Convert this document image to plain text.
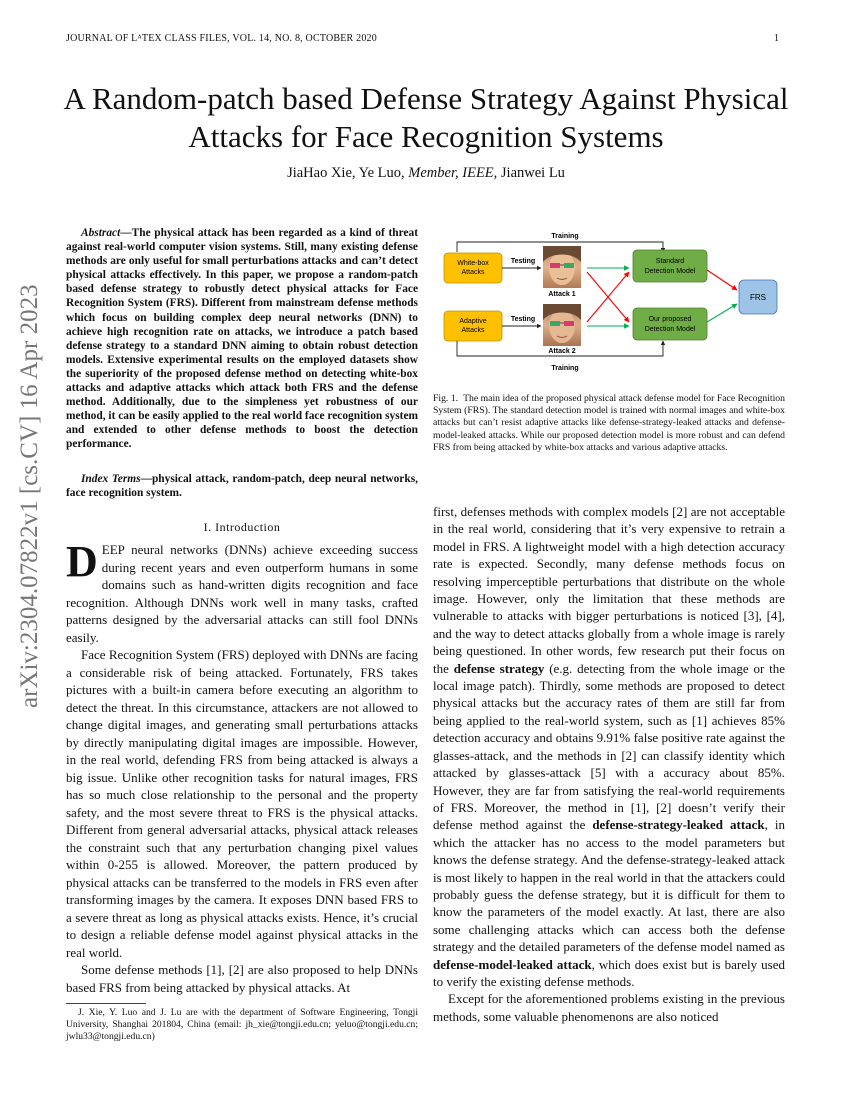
JOURNAL OF LᴬTEX CLASS FILES, VOL. 14, NO. 8, OCTOBER 2020	1
arXiv:2304.07822v1 [cs.CV] 16 Apr 2023
A Random-patch based Defense Strategy Against Physical Attacks for Face Recognition Systems
JiaHao Xie, Ye Luo, Member, IEEE, Jianwei Lu
Abstract—The physical attack has been regarded as a kind of threat against real-world computer vision systems. Still, many existing defense methods are only useful for small perturbations attacks and can’t detect physical attacks effectively. In this paper, we propose a random-patch based defense strategy to robustly detect physical attacks for Face Recognition System (FRS). Different from mainstream defense methods which focus on building complex deep neural networks (DNN) to achieve high recognition rate on attacks, we introduce a patch based defense strategy to a standard DNN aiming to obtain robust detection models. Extensive experimental results on the employed datasets show the superiority of the proposed defense method on detecting white-box attacks and adaptive attacks which attack both FRS and the defense method. Additionally, due to the simpleness yet robustness of our method, it can be easily applied to the real world face recognition system and extended to other defense methods to boost the detection performance.
Index Terms—physical attack, random-patch, deep neural networks, face recognition system.
I. Introduction

DEEP neural networks (DNNs) achieve exceeding success during recent years and even outperform humans in some domains such as hand-written digits recognition and face recognition. Although DNNs work well in many tasks, crafted patterns designed by the adversarial attacks can still fool DNNs easily.

Face Recognition System (FRS) deployed with DNNs are facing a considerable risk of being attacked. Fortunately, FRS takes pictures with a built-in camera before executing an algorithm to detect the threat. In this circumstance, attackers are not allowed to change digital images, and generating small perturbations attacks by directly manipulating digital images are impossible. However, in the real world, defending FRS from being attacked is always a big issue. Unlike other recognition tasks for natural images, FRS has so much close relationship to the personal and the property safety, and the most severe threat to FRS is the physical attacks. Different from general adversarial attacks, physical attack releases the constraint such that any perturbation changing pixel values within 0-255 is allowed. Moreover, the pattern produced by physical attacks can be transferred to the models in FRS even after transforming images by the camera. It exposes DNN based FRS to a severe threat as long as physical attacks exists. Hence, it’s crucial to design a reliable defense model against physical attacks in the real world.

Some defense methods [1], [2] are also proposed to help DNNs based FRS from being attacked by physical attacks. At

J. Xie, Y. Luo and J. Lu are with the department of Software Engineering, Tongji University, Shanghai 201804, China (email: jh_xie@tongji.edu.cn; yeluo@tongji.edu.cn; jwlu33@tongji.edu.cn)

Training
White-box
Attacks
Testing
Attack 1
Adaptive
Attacks
Testing
Attack 2
Standard
Detection Model
Our proposed
Detection Model
FRS
Training
Fig. 1. The main idea of the proposed physical attack defense model for Face Recognition System (FRS). The standard detection model is trained with normal images and white-box attacks but can’t resist adaptive attacks like defense-strategy-leaked attacks and defense-model-leaked attacks. While our proposed detection model is more robust and can defend FRS from being attacked by white-box attacks and various adaptive attacks.

first, defenses methods with complex models [2] are not acceptable in the real world, considering that it’s very expensive to retrain a model in FRS. A lightweight model with a high detection accuracy rate is expected. Secondly, many defense methods focus on resolving imperceptible perturbations that distribute on the whole image. However, only the limitation that these methods are vulnerable to attacks with bigger perturbations is noticed [3], [4], and the way to detect attacks globally from a whole image is rarely being questioned. In other words, few research put their focus on the defense strategy (e.g. detecting from the whole image or the local image patch). Thirdly, some methods are proposed to detect physical attacks but the accuracy rates of them are still far from being applied to the real-world system, such as [1] achieves 85% detection accuracy and obtains 9.91% false positive rate against the glasses-attack, and the methods in [2] can classify identity which attacked by glasses-attack [5] with a accuracy about 85%. However, they are far from satisfying the real-world requirements of FRS. Moreover, the method in [1], [2] doesn’t verify their defense method against the defense-strategy-leaked attack, in which the attacker has no access to the model parameters but knows the defense strategy. And the defense-strategy-leaked attack is most likely to happen in the real world in that the attackers could probably guess the defense strategy, but it is difficult for them to know the parameters of the model exactly. At last, there are also some challenging attacks which can access both the defense strategy and the detailed parameters of the defense model named as defense-model-leaked attack, which does exist but is barely used to verify the existing defense methods.

Except for the aforementioned problems existing in the previous methods, some valuable phenomenons are also noticed
